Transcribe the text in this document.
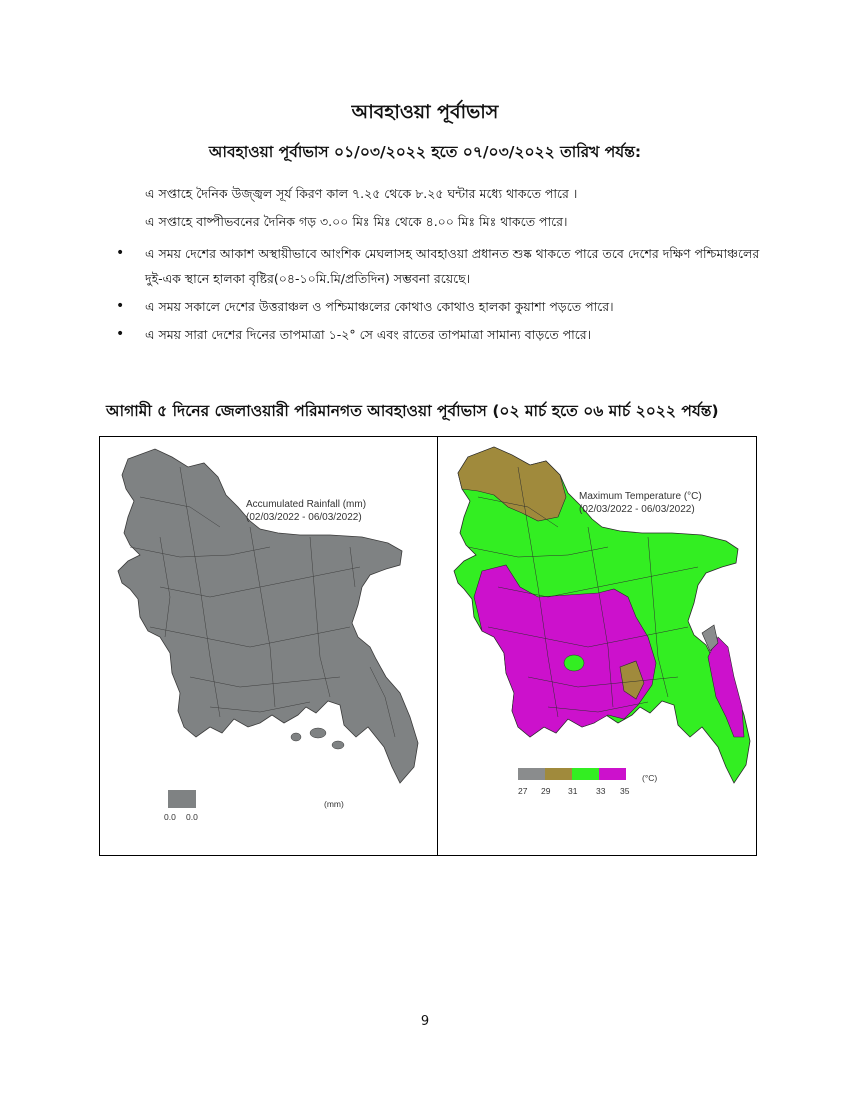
আবহাওয়া পূর্বাভাস
আবহাওয়া পূর্বাভাস ০১/০৩/২০২২ হতে ০৭/০৩/২০২২ তারিখ পর্যন্ত:
এ সপ্তাহে দৈনিক উজ্জ্বল সূর্য কিরণ কাল ৭.২৫ থেকে ৮.২৫ ঘন্টার মধ্যে থাকতে পারে ।
এ সপ্তাহে বাষ্পীভবনের দৈনিক গড় ৩.০০ মিঃ মিঃ থেকে ৪.০০ মিঃ মিঃ থাকতে পারে।
• এ সময় দেশের আকাশ অস্থায়ীভাবে আংশিক মেঘলাসহ আবহাওয়া প্রধানত শুষ্ক থাকতে পারে তবে দেশের দক্ষিণ পশ্চিমাঞ্চলের
দুই-এক স্থানে হালকা বৃষ্টির(০৪-১০মি.মি/প্রতিদিন) সম্ভবনা রয়েছে।
• এ সময় সকালে দেশের উত্তরাঞ্চল ও পশ্চিমাঞ্চলের কোথাও কোথাও হালকা কুয়াশা পড়তে পারে।
• এ সময় সারা দেশের দিনের তাপমাত্রা ১-২° সে এবং রাতের তাপমাত্রা সামান্য বাড়তে পারে।
আগামী ৫ দিনের জেলাওয়ারী পরিমানগত আবহাওয়া পূর্বাভাস (০২ মার্চ হতে ০৬ মার্চ ২০২২ পর্যন্ত)
Accumulated Rainfall (mm)
(02/03/2022 - 06/03/2022)
0.0 0.0
(mm)
Maximum Temperature (°C)
(02/03/2022 - 06/03/2022)
27 29 31 33 35
(°C)
9
